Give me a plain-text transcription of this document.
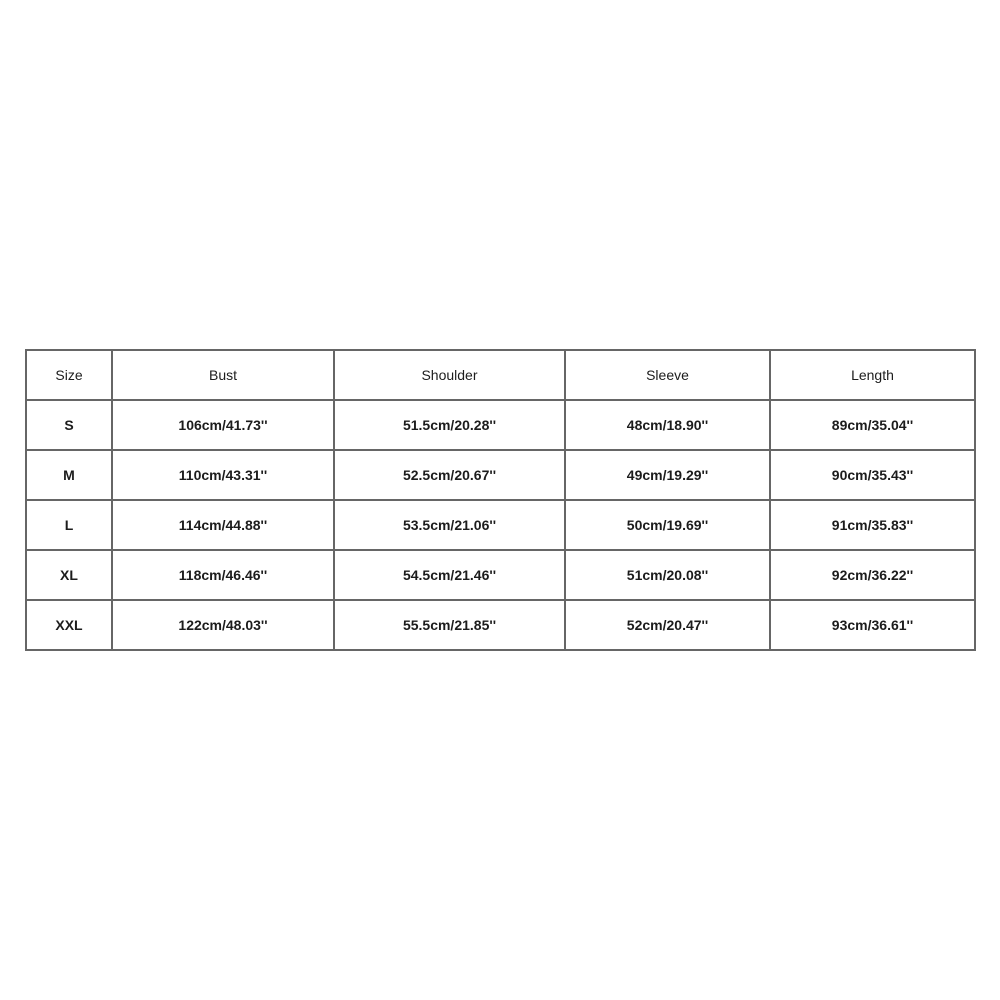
Size	Bust	Shoulder	Sleeve	Length
S	106cm/41.73''	51.5cm/20.28''	48cm/18.90''	89cm/35.04''
M	110cm/43.31''	52.5cm/20.67''	49cm/19.29''	90cm/35.43''
L	114cm/44.88''	53.5cm/21.06''	50cm/19.69''	91cm/35.83''
XL	118cm/46.46''	54.5cm/21.46''	51cm/20.08''	92cm/36.22''
XXL	122cm/48.03''	55.5cm/21.85''	52cm/20.47''	93cm/36.61''
